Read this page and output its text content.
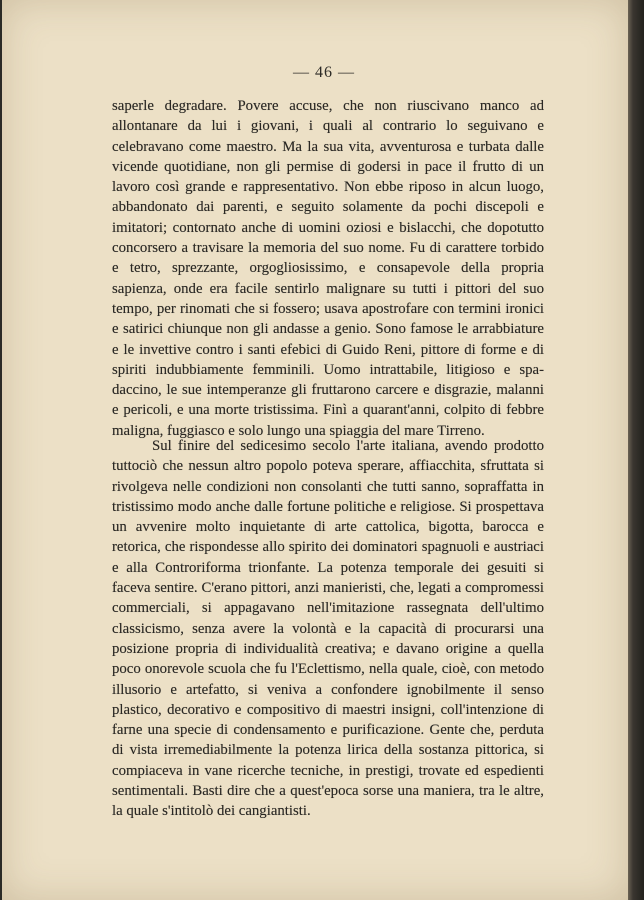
— 46 —

saperle degradare. Povere accuse, che non riuscivano manco ad allontanare da lui i giovani, i quali al contrario lo seguivano e celebravano come maestro. Ma la sua vita, avventurosa e turbata dalle vicende quotidiane, non gli permise di godersi in pace il frutto di un lavoro così grande e rappresentativo. Non ebbe riposo in alcun luogo, abbandonato dai parenti, e seguito solamente da pochi discepoli e imitatori; contornato anche di uomini oziosi e bislacchi, che dopotutto concorsero a travisare la memoria del suo nome. Fu di carattere torbido e tetro, sprezzante, orgogliosissimo, e consapevole della propria sapienza, onde era facile sentirlo malignare su tutti i pittori del suo tempo, per rinomati che si fossero; usava apostrofare con termini ironici e satirici chiunque non gli andasse a genio. Sono famose le arrabbiature e le invettive contro i santi efebici di Guido Reni, pittore di forme e di spiriti indubbiamente femminili. Uomo intrattabile, litigioso e spadaccino, le sue intemperanze gli fruttarono carcere e disgrazie, malanni e pericoli, e una morte tristissima. Finì a quarant'anni, colpito di febbre maligna, fuggiasco e solo lungo una spiaggia del mare Tirreno.

Sul finire del sedicesimo secolo l'arte italiana, avendo prodotto tuttociò che nessun altro popolo poteva sperare, affiacchita, sfruttata si rivolgeva nelle condizioni non consolanti che tutti sanno, sopraffatta in tristissimo modo anche dalle fortune politiche e religiose. Si prospettava un avvenire molto inquietante di arte cattolica, bigotta, barocca e retorica, che rispondesse allo spirito dei dominatori spagnuoli e austriaci e alla Controriforma trionfante. La potenza temporale dei gesuiti si faceva sentire. C'erano pittori, anzi manieristi, che, legati a compromessi commerciali, si appagavano nell'imitazione rassegnata dell'ultimo classicismo, senza avere la volontà e la capacità di procurarsi una posizione propria di individualità creativa; e davano origine a quella poco onorevole scuola che fu l'Eclettismo, nella quale, cioè, con metodo illusorio e artefatto, si veniva a confondere ignobilmente il senso plastico, decorativo e compositivo di maestri insigni, coll'intenzione di farne una specie di condensamento e purificazione. Gente che, perduta di vista irremediabilmente la potenza lirica della sostanza pittorica, si compiaceva in vane ricerche tecniche, in prestigi, trovate ed espedienti sentimentali. Basti dire che a quest'epoca sorse una maniera, tra le altre, la quale s'intitolò dei cangiantisti.
